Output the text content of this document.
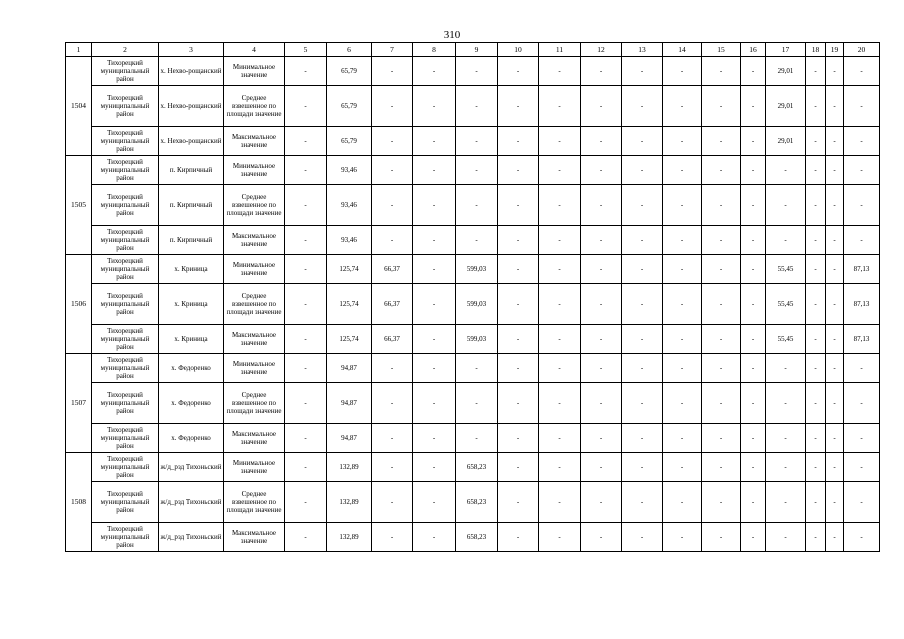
310
1	2	3	4	5	6	7	8	9	10	11	12	13	14	15	16	17	18	19	20
1504	Тихорецкий муниципальный район	х. Нехво-рощанский	Минимальное значение	-	65,79	-	-	-	-	-	-	-	-	-	-	29,01	-	-	-
	Тихорецкий муниципальный район	х. Нехво-рощанский	Среднее взвешенное по площади значение	-	65,79	-	-	-	-	-	-	-	-	-	-	29,01	-	-	-
	Тихорецкий муниципальный район	х. Нехво-рощанский	Максимальное значение	-	65,79	-	-	-	-	-	-	-	-	-	-	29,01	-	-	-
1505	Тихорецкий муниципальный район	п. Кирпичный	Минимальное значение	-	93,46	-	-	-	-	-	-	-	-	-	-	-	-	-	-
	Тихорецкий муниципальный район	п. Кирпичный	Среднее взвешенное по площади значение	-	93,46	-	-	-	-	-	-	-	-	-	-	-	-	-	-
	Тихорецкий муниципальный район	п. Кирпичный	Максимальное значение	-	93,46	-	-	-	-	-	-	-	-	-	-	-	-	-	-
1506	Тихорецкий муниципальный район	х. Криница	Минимальное значение	-	125,74	66,37	-	599,03	-	-	-	-	-	-	-	55,45	-	-	87,13
	Тихорецкий муниципальный район	х. Криница	Среднее взвешенное по площади значение	-	125,74	66,37	-	599,03	-	-	-	-	-	-	-	55,45	-	-	87,13
	Тихорецкий муниципальный район	х. Криница	Максимальное значение	-	125,74	66,37	-	599,03	-	-	-	-	-	-	-	55,45	-	-	87,13
1507	Тихорецкий муниципальный район	х. Федоренко	Минимальное значение	-	94,87	-	-	-	-	-	-	-	-	-	-	-	-	-	-
	Тихорецкий муниципальный район	х. Федоренко	Среднее взвешенное по площади значение	-	94,87	-	-	-	-	-	-	-	-	-	-	-	-	-	-
	Тихорецкий муниципальный район	х. Федоренко	Максимальное значение	-	94,87	-	-	-	-	-	-	-	-	-	-	-	-	-	-
1508	Тихорецкий муниципальный район	ж/д_рзд Тихоньский	Минимальное значение	-	132,89	-	-	658,23	-	-	-	-	-	-	-	-	-	-	-
	Тихорецкий муниципальный район	ж/д_рзд Тихоньский	Среднее взвешенное по площади значение	-	132,89	-	-	658,23	-	-	-	-	-	-	-	-	-	-	-
	Тихорецкий муниципальный район	ж/д_рзд Тихоньский	Максимальное значение	-	132,89	-	-	658,23	-	-	-	-	-	-	-	-	-	-	-
